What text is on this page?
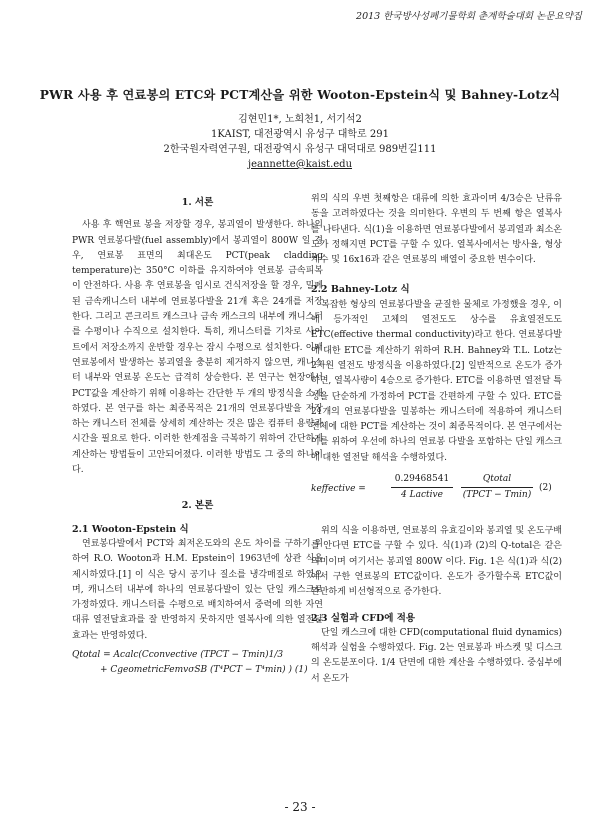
2013 한국방사성폐기물학회 춘계학술대회 논문요약집
PWR 사용 후 연료봉의 ETC와 PCT계산을 위한 Wooton-Epstein식 및 Bahney-Lotz식
김현민1*, 노희천1, 서기석2
1KAIST, 대전광역시 유성구 대학로 291
2한국원자력연구원, 대전광역시 유성구 대덕대로 989번길111
jeannette@kaist.edu
1. 서론

사용 후 핵연료 봉을 저장할 경우, 봉괴열이 발생한다. 하나의 PWR 연료봉다발(fuel assembly)에서 봉괴열이 800W 일 경우, 연료봉 표면의 최대온도 PCT(peak cladding temperature)는 350°C 이하를 유지하여야 연료봉 금속피복이 안전하다. 사용 후 연료봉을 임시로 건식저장을 할 경우, 밀폐된 금속캐니스터 내부에 연료봉다발을 21개 혹은 24개를 저장한다. 그리고 콘크리트 캐스크나 금속 캐스크의 내부에 캐니스터를 수평이나 수직으로 설치한다. 특히, 캐니스터를 기차로 사이트에서 저장소까지 운반할 경우는 잠시 수평으로 설치한다. 이때 연료봉에서 발생하는 봉괴열을 충분히 제거하지 않으면, 캐니스터 내부와 연료봉 온도는 급격히 상승한다. 본 연구는 현장에서 PCT값을 계산하기 위해 이용하는 간단한 두 개의 방정식을 소개하였다. 본 연구를 하는 최종목적은 21개의 연료봉다발을 저장하는 캐니스터 전체를 상세히 계산하는 것은 많은 컴퓨터 용량과 시간을 필요로 한다. 이러한 한계점을 극복하기 위하여 간단하게 계산하는 방법들이 고안되어졌다. 이러한 방법도 그 중의 하나이다.

2. 본론
2.1 Wooton-Epstein 식

연료봉다발에서 PCT와 최저온도와의 온도 차이를 구하기 위하여 R.O. Wooton과 H.M. Epstein이 1963년에 상관 식을 제시하였다.[1] 이 식은 당시 공기나 질소를 냉각매질로 하였으며, 캐니스터 내부에 하나의 연료봉다발이 있는 단일 캐스크로 가정하였다. 캐니스터를 수평으로 배치하여서 중력에 의한 자연대류 열전달효과를 잘 반영하지 못하지만 열복사에 의한 열전달효과는 반영하였다.

Qtotal = Acalc(Cconvective (TPCT − Tmin)1/3
+ CgeometricFemvσSB (T⁴PCT − T⁴min) ) (1)

위의 식의 우변 첫째항은 대류에 의한 효과이며 4/3승은 난류유동을 고려하였다는 것을 의미한다. 우변의 두 번째 항은 열복사를 나타낸다. 식(1)을 이용하면 연료봉다발에서 봉괴열과 최소온도가 정해지면 PCT를 구할 수 있다. 열복사에서는 방사율, 형상계수 및 16x16과 같은 연료봉의 배열이 중요한 변수이다.

2.2 Bahney-Lotz 식

복잡한 형상의 연료봉다발을 균질한 물체로 가정했을 경우, 이에 등가적인 고체의 열전도도 상수를 유효열전도도 ETC(effective thermal conductivity)라고 한다. 연료봉다발에 대한 ETC를 계산하기 위하여 R.H. Bahney와 T.L. Lotz는 2차원 열전도 방정식을 이용하였다.[2] 일반적으로 온도가 증가하면, 열복사량이 4승으로 증가한다. ETC를 이용하면 열전달 특성을 단순하게 가정하여 PCT를 간편하게 구할 수 있다. ETC를 21개의 연료봉다발을 밀봉하는 캐니스터에 적용하여 캐니스터 전체에 대한 PCT를 계산하는 것이 최종목적이다. 본 연구에서는 이를 위하여 우선에 하나의 연료봉 다발을 포함하는 단일 캐스크에 대한 열전달 해석을 수행하였다.

keffective =
0.29468541
4 Lactive
Qtotal
(TPCT − Tmin)
(2)

위의 식을 이용하면, 연료봉의 유효길이와 봉괴열 및 온도구배를 안다면 ETC를 구할 수 있다. 식(1)과 (2)의 Q-total은 같은 의미이며 여기서는 봉괴열 800W 이다. Fig. 1은 식(1)과 식(2)에서 구한 연료봉의 ETC값이다. 온도가 증가할수록 ETC값이 완만하게 비선형적으로 증가한다.

2.3 실험과 CFD에 적용

단일 캐스크에 대한 CFD(computational fluid dynamics)해석과 실험을 수행하였다. Fig. 2는 연료봉과 바스켓 및 디스크의 온도분포이다. 1/4 단면에 대한 계산을 수행하였다. 중심부에서 온도가

- 23 -
